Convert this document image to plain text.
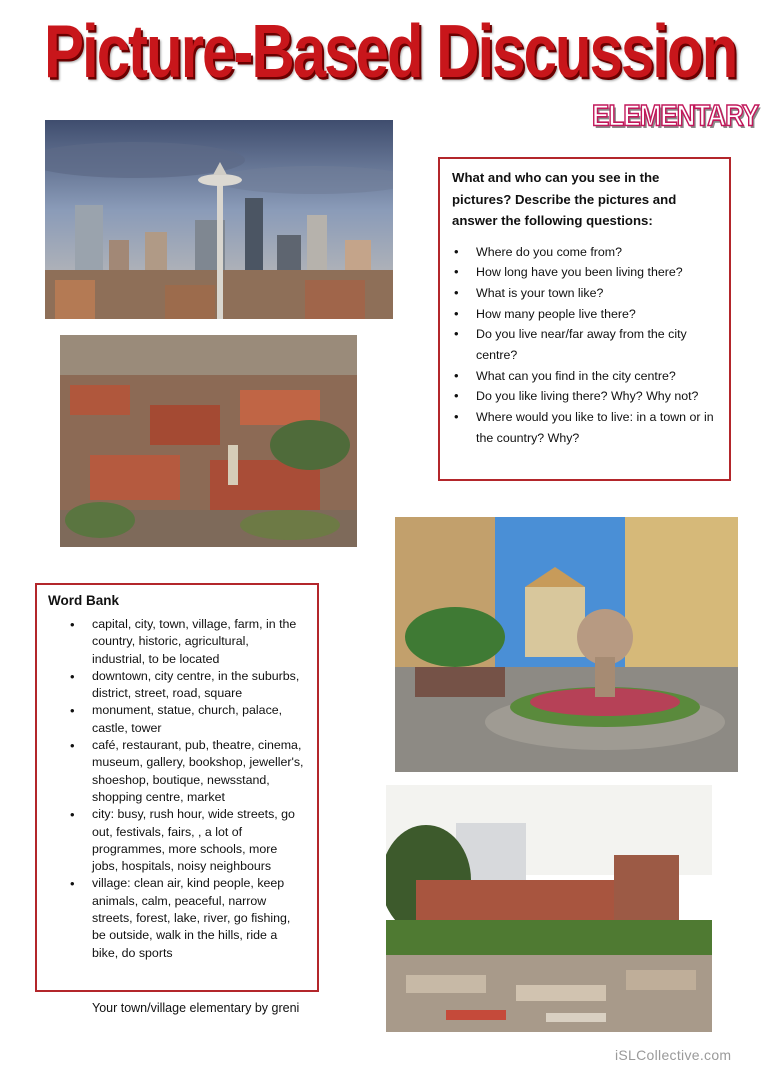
Picture-Based Discussion
ELEMENTARY

What and who can you see in the pictures? Describe the pictures and answer the following questions:

• Where do you come from?
• How long have you been living there?
• What is your town like?
• How many people live there?
• Do you live near/far away from the city centre?
• What can you find in the city centre?
• Do you like living there? Why? Why not?
• Where would you like to live: in a town or in the country? Why?

Word Bank

• capital, city, town, village, farm, in the country, historic, agricultural, industrial, to be located
• downtown, city centre, in the suburbs, district, street, road, square
• monument, statue, church, palace, castle, tower
• café, restaurant, pub, theatre, cinema, museum, gallery, bookshop, jeweller's, shoeshop, boutique, newsstand, shopping centre, market
• city: busy, rush hour, wide streets, go out, festivals, fairs, , a lot of programmes, more schools, more jobs, hospitals, noisy neighbours
• village: clean air, kind people, keep animals, calm, peaceful, narrow streets, forest, lake, river, go fishing, be outside, walk in the hills, ride a bike, do sports
Your town/village elementary by greni
iSLCollective.com
